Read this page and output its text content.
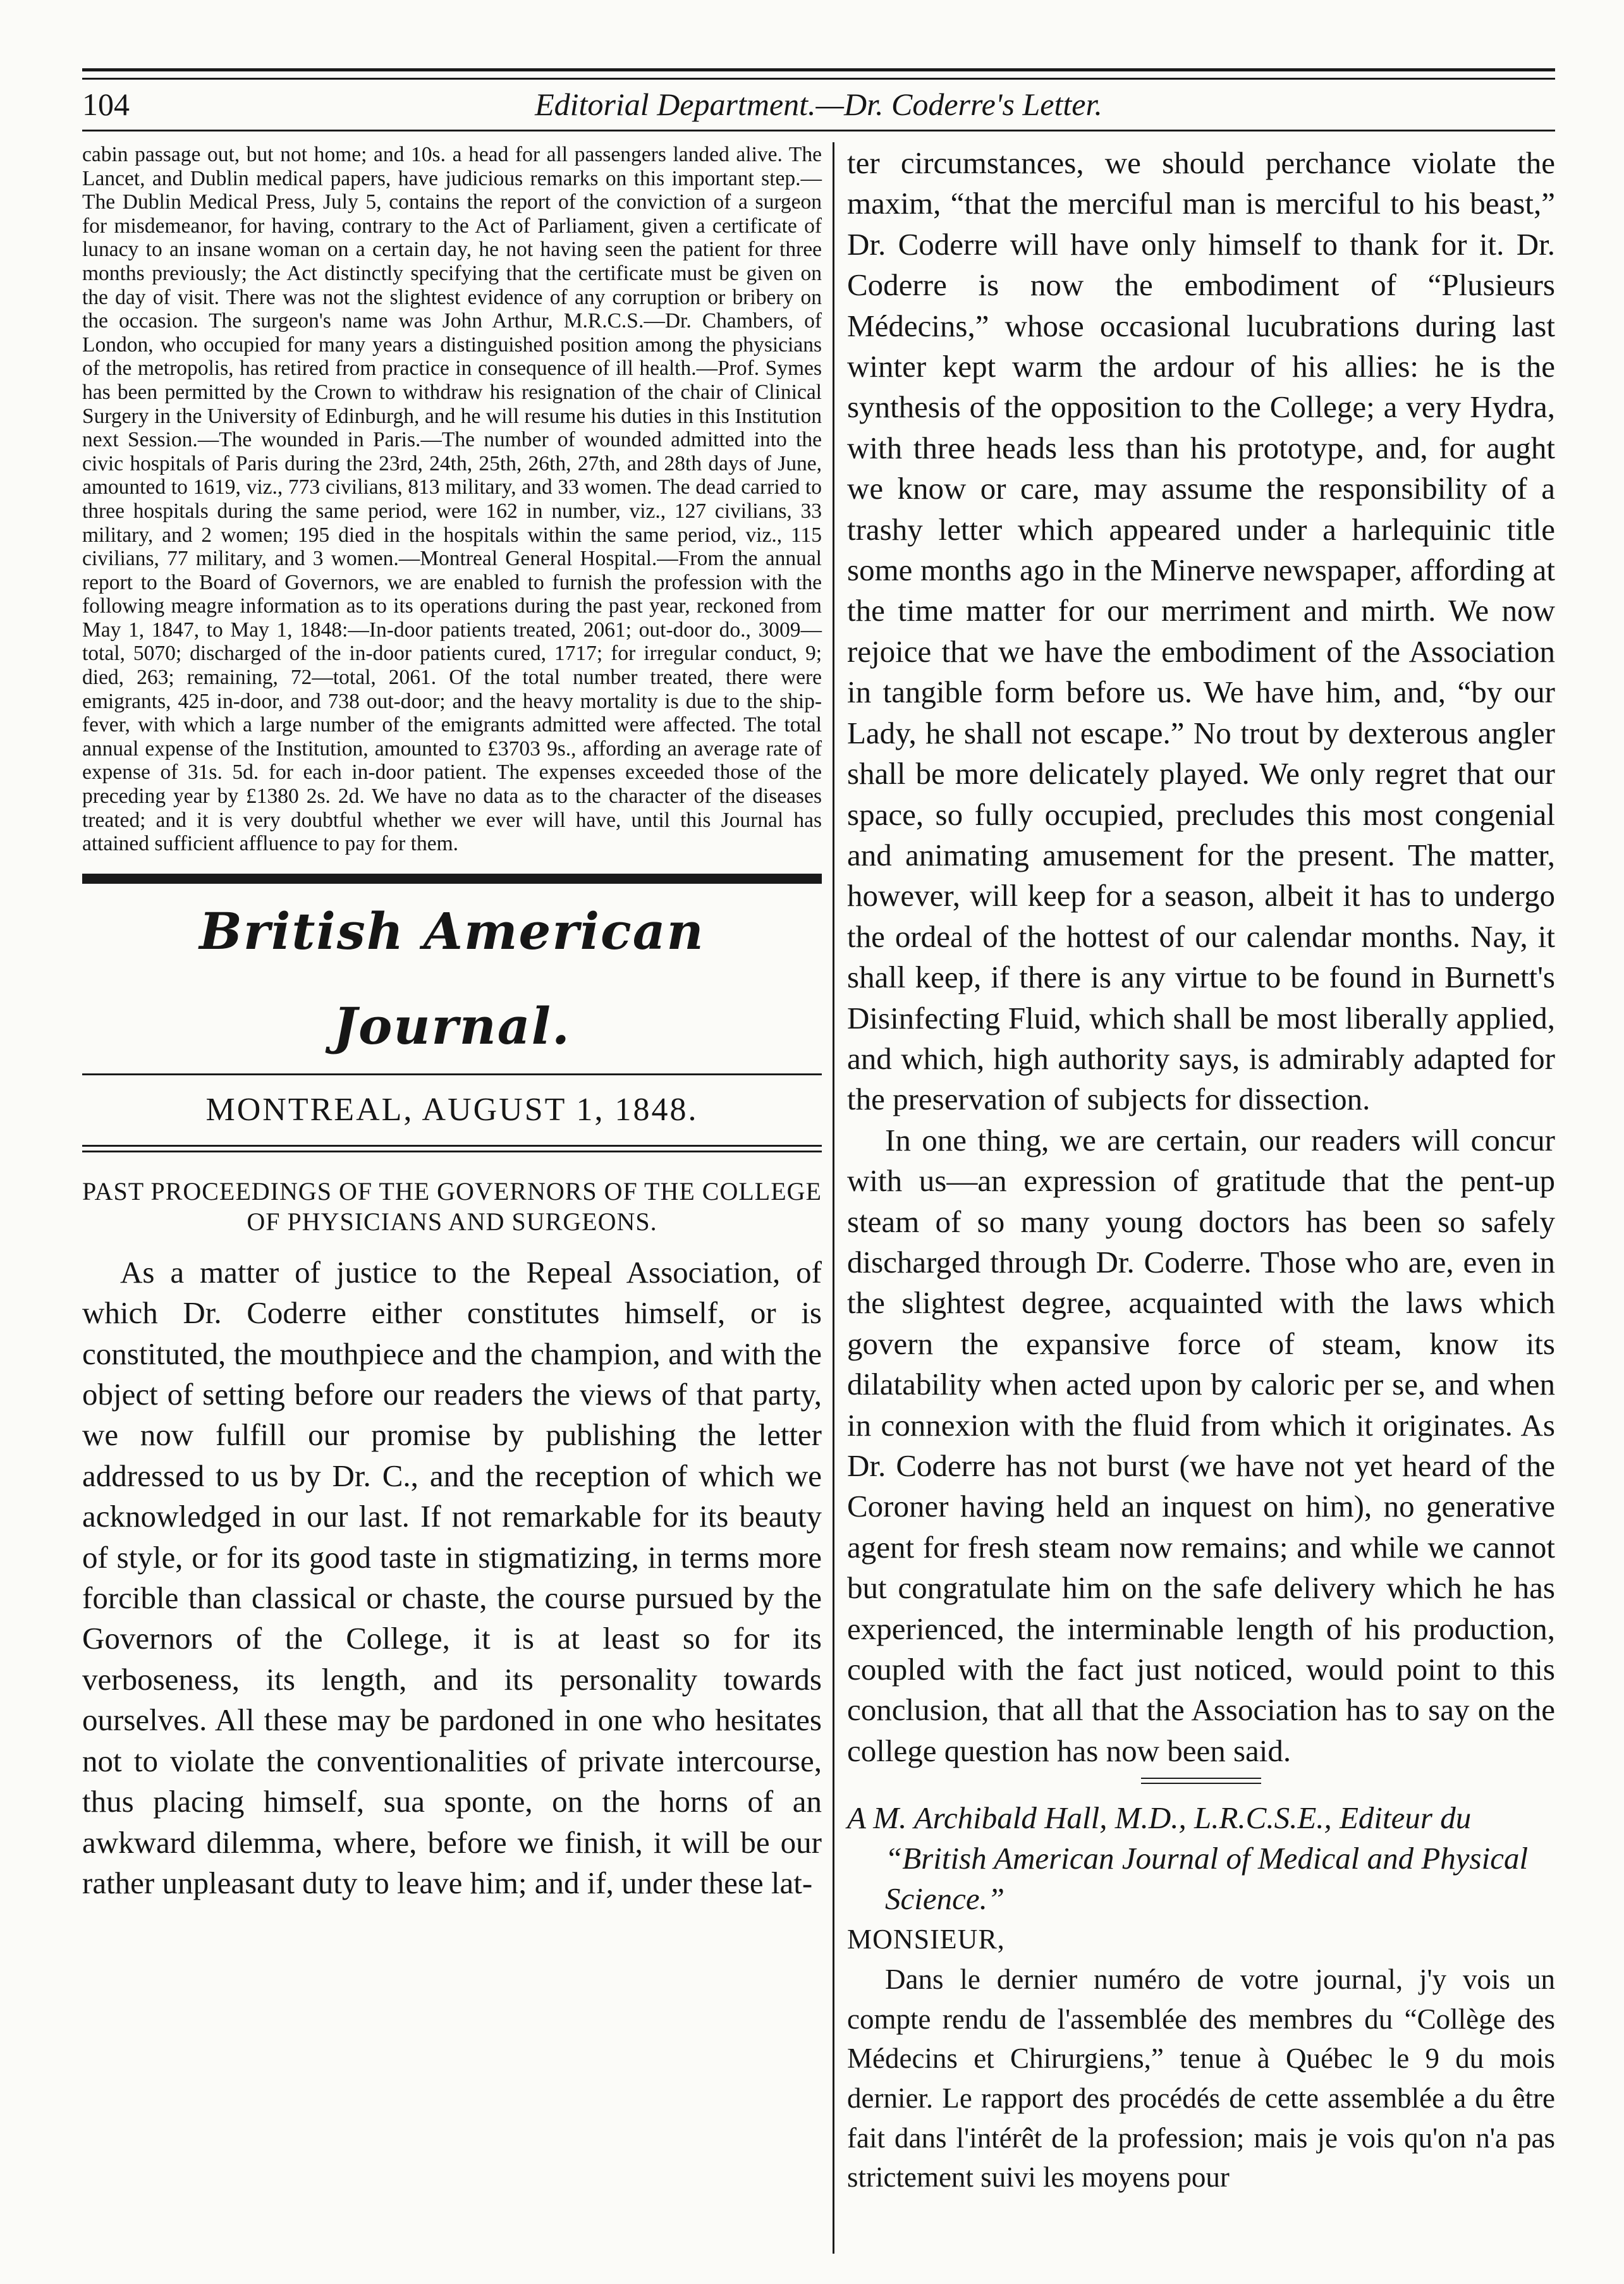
104	Editorial Department.—Dr. Coderre's Letter.

cabin passage out, but not home; and 10s. a head for all passengers landed alive. The Lancet, and Dublin medical papers, have judicious remarks on this important step.—The Dublin Medical Press, July 5, contains the report of the conviction of a surgeon for misdemeanor, for having, contrary to the Act of Parliament, given a certificate of lunacy to an insane woman on a certain day, he not having seen the patient for three months previously; the Act distinctly specifying that the certificate must be given on the day of visit. There was not the slightest evidence of any corruption or bribery on the occasion. The surgeon's name was John Arthur, M.R.C.S.—Dr. Chambers, of London, who occupied for many years a distinguished position among the physicians of the metropolis, has retired from practice in consequence of ill health.—Prof. Symes has been permitted by the Crown to withdraw his resignation of the chair of Clinical Surgery in the University of Edinburgh, and he will resume his duties in this Institution next Session.—The wounded in Paris.—The number of wounded admitted into the civic hospitals of Paris during the 23rd, 24th, 25th, 26th, 27th, and 28th days of June, amounted to 1619, viz., 773 civilians, 813 military, and 33 women. The dead carried to three hospitals during the same period, were 162 in number, viz., 127 civilians, 33 military, and 2 women; 195 died in the hospitals within the same period, viz., 115 civilians, 77 military, and 3 women.—Montreal General Hospital.—From the annual report to the Board of Governors, we are enabled to furnish the profession with the following meagre information as to its operations during the past year, reckoned from May 1, 1847, to May 1, 1848:—In-door patients treated, 2061; out-door do., 3009—total, 5070; discharged of the in-door patients cured, 1717; for irregular conduct, 9; died, 263; remaining, 72—total, 2061. Of the total number treated, there were emigrants, 425 in-door, and 738 out-door; and the heavy mortality is due to the ship-fever, with which a large number of the emigrants admitted were affected. The total annual expense of the Institution, amounted to £3703 9s., affording an average rate of expense of 31s. 5d. for each in-door patient. The expenses exceeded those of the preceding year by £1380 2s. 2d. We have no data as to the character of the diseases treated; and it is very doubtful whether we ever will have, until this Journal has attained sufficient affluence to pay for them.

British American Journal.
MONTREAL, AUGUST 1, 1848.
PAST PROCEEDINGS OF THE GOVERNORS OF THE COLLEGE OF PHYSICIANS AND SURGEONS.

As a matter of justice to the Repeal Association, of which Dr. Coderre either constitutes himself, or is constituted, the mouthpiece and the champion, and with the object of setting before our readers the views of that party, we now fulfill our promise by publishing the letter addressed to us by Dr. C., and the reception of which we acknowledged in our last. If not remarkable for its beauty of style, or for its good taste in stigmatizing, in terms more forcible than classical or chaste, the course pursued by the Governors of the College, it is at least so for its verboseness, its length, and its personality towards ourselves. All these may be pardoned in one who hesitates not to violate the conventionalities of private intercourse, thus placing himself, sua sponte, on the horns of an awkward dilemma, where, before we finish, it will be our rather unpleasant duty to leave him; and if, under these lat-

ter circumstances, we should perchance violate the maxim, “that the merciful man is merciful to his beast,” Dr. Coderre will have only himself to thank for it. Dr. Coderre is now the embodiment of “Plusieurs Médecins,” whose occasional lucubrations during last winter kept warm the ardour of his allies: he is the synthesis of the opposition to the College; a very Hydra, with three heads less than his prototype, and, for aught we know or care, may assume the responsibility of a trashy letter which appeared under a harlequinic title some months ago in the Minerve newspaper, affording at the time matter for our merriment and mirth. We now rejoice that we have the embodiment of the Association in tangible form before us. We have him, and, “by our Lady, he shall not escape.” No trout by dexterous angler shall be more delicately played. We only regret that our space, so fully occupied, precludes this most congenial and animating amusement for the present. The matter, however, will keep for a season, albeit it has to undergo the ordeal of the hottest of our calendar months. Nay, it shall keep, if there is any virtue to be found in Burnett's Disinfecting Fluid, which shall be most liberally applied, and which, high authority says, is admirably adapted for the preservation of subjects for dissection.

In one thing, we are certain, our readers will concur with us—an expression of gratitude that the pent-up steam of so many young doctors has been so safely discharged through Dr. Coderre. Those who are, even in the slightest degree, acquainted with the laws which govern the expansive force of steam, know its dilatability when acted upon by caloric per se, and when in connexion with the fluid from which it originates. As Dr. Coderre has not burst (we have not yet heard of the Coroner having held an inquest on him), no generative agent for fresh steam now remains; and while we cannot but congratulate him on the safe delivery which he has experienced, the interminable length of his production, coupled with the fact just noticed, would point to this conclusion, that all that the Association has to say on the college question has now been said.

A M. Archibald Hall, M.D., L.R.C.S.E., Editeur du “British American Journal of Medical and Physical Science.”

MONSIEUR,

Dans le dernier numéro de votre journal, j'y vois un compte rendu de l'assemblée des membres du “Collège des Médecins et Chirurgiens,” tenue à Québec le 9 du mois dernier. Le rapport des procédés de cette assemblée a du être fait dans l'intérêt de la profession; mais je vois qu'on n'a pas strictement suivi les moyens pour
